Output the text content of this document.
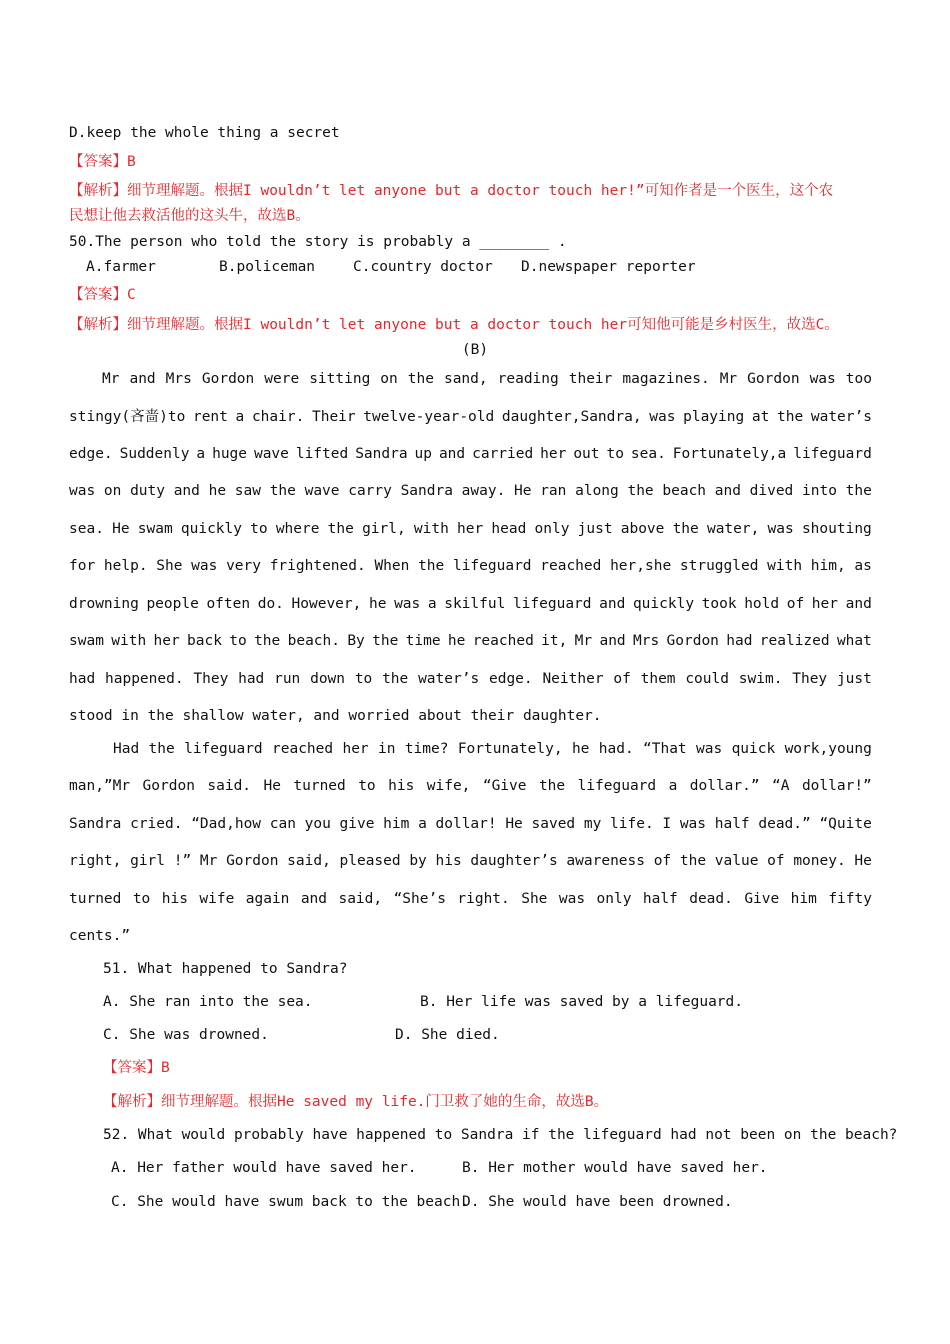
D.keep the whole thing a secret

【答案】B

【解析】细节理解题。根据I wouldn’t let anyone but a doctor touch her!”可知作者是一个医生，这个农

民想让他去救活他的这头牛，故选B。

50.The person who told the story is probably a ________ .

A.farmer	B.policeman	C.country doctor D.newspaper reporter

【答案】C

【解析】细节理解题。根据I wouldn’t let anyone but a doctor touch her可知他可能是乡村医生，故选C。

(B)
Mr and Mrs Gordon were sitting on the sand, reading their magazines. Mr Gordon was too
stingy(吝啬)to rent a chair. Their twelve-year-old daughter,Sandra, was playing at the water’s
edge. Suddenly a huge wave lifted Sandra up and carried her out to sea. Fortunately,a lifeguard
was on duty and he saw the wave carry Sandra away. He ran along the beach and dived into the
sea. He swam quickly to where the girl, with her head only just above the water, was shouting
for help. She was very frightened. When the lifeguard reached her,she struggled with him, as
drowning people often do. However, he was a skilful lifeguard and quickly took hold of her and
swam with her back to the beach. By the time he reached it, Mr and Mrs Gordon had realized what
had happened. They had run down to the water’s edge. Neither of them could swim. They just
stood in the shallow water, and worried about their daughter.
Had the lifeguard reached her in time? Fortunately, he had. “That was quick work,young
man,”Mr Gordon said. He turned to his wife, “Give the lifeguard a dollar.” “A dollar!”
Sandra cried. “Dad,how can you give him a dollar! He saved my life. I was half dead.” “Quite
right, girl !” Mr Gordon said, pleased by his daughter’s awareness of the value of money. He
turned to his wife again and said, “She’s right. She was only half dead. Give him fifty
cents.”

51. What happened to Sandra?

A. She ran into the sea.	B. Her life was saved by a lifeguard.

C. She was drowned.	D. She died.

【答案】B

【解析】细节理解题。根据He saved my life.门卫救了她的生命，故选B。

52. What would probably have happened to Sandra if the lifeguard had not been on the beach?

A. Her father would have saved her.	B. Her mother would have saved her.

C. She would have swum back to the beach.

D. She would have been drowned.
